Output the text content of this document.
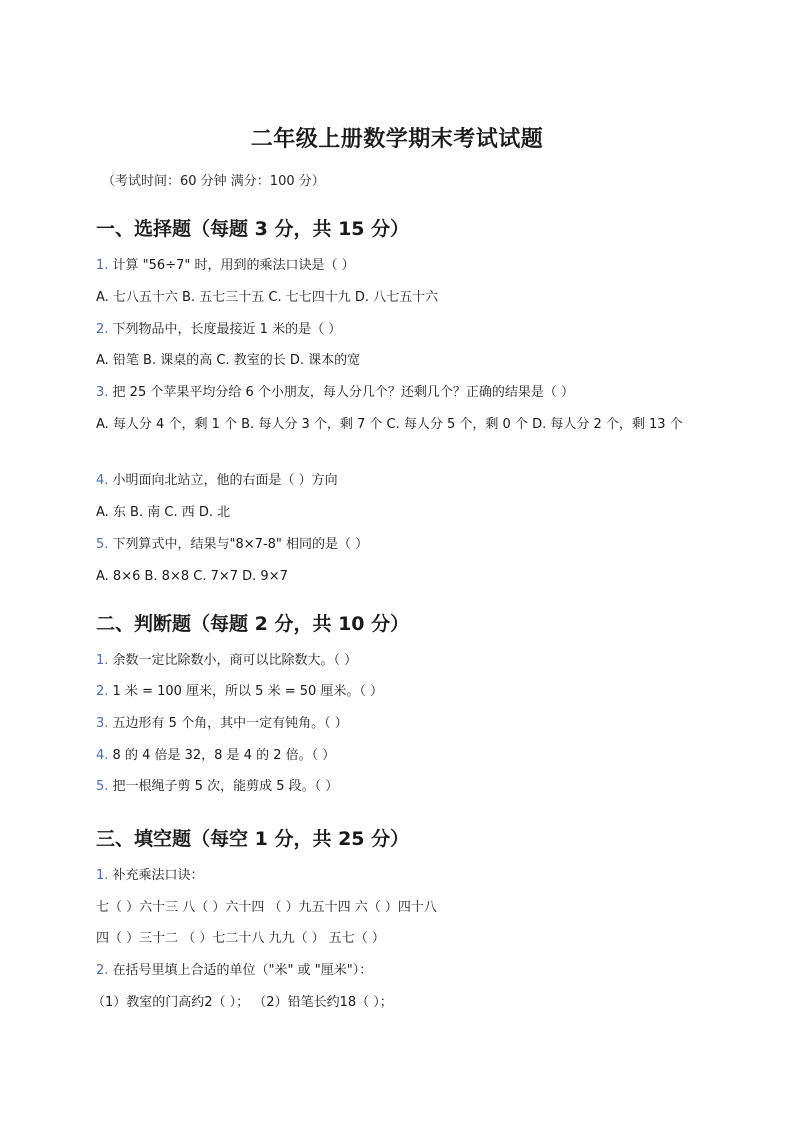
二年级上册数学期末考试试题
（考试时间：60 分钟 满分：100 分）
一、选择题（每题 3 分，共 15 分）
1. 计算 "56÷7" 时，用到的乘法口诀是（ ）
A. 七八五十六 B. 五七三十五 C. 七七四十九 D. 八七五十六
2. 下列物品中，长度最接近 1 米的是（ ）
A. 铅笔 B. 课桌的高 C. 教室的长 D. 课本的宽
3. 把 25 个苹果平均分给 6 个小朋友，每人分几个？还剩几个？正确的结果是（ ）
A. 每人分 4 个，剩 1 个 B. 每人分 3 个，剩 7 个 C. 每人分 5 个，剩 0 个 D. 每人分 2 个，剩 13 个
4. 小明面向北站立，他的右面是（ ）方向
A. 东 B. 南 C. 西 D. 北
5. 下列算式中，结果与"8×7-8" 相同的是（ ）
A. 8×6 B. 8×8 C. 7×7 D. 9×7
二、判断题（每题 2 分，共 10 分）
1. 余数一定比除数小，商可以比除数大。（ ）
2. 1 米 = 100 厘米，所以 5 米 = 50 厘米。（ ）
3. 五边形有 5 个角，其中一定有钝角。（ ）
4. 8 的 4 倍是 32，8 是 4 的 2 倍。（ ）
5. 把一根绳子剪 5 次，能剪成 5 段。（ ）
三、填空题（每空 1 分，共 25 分）
1. 补充乘法口诀：
七（ ）六十三 八（ ）六十四 （ ）九五十四 六（ ）四十八
四（ ）三十二 （ ）七二十八 九九（ ） 五七（ ）
2. 在括号里填上合适的单位（"米" 或 "厘米"）：
（1）教室的门高约2（ ）； （2）铅笔长约18（ ）；
